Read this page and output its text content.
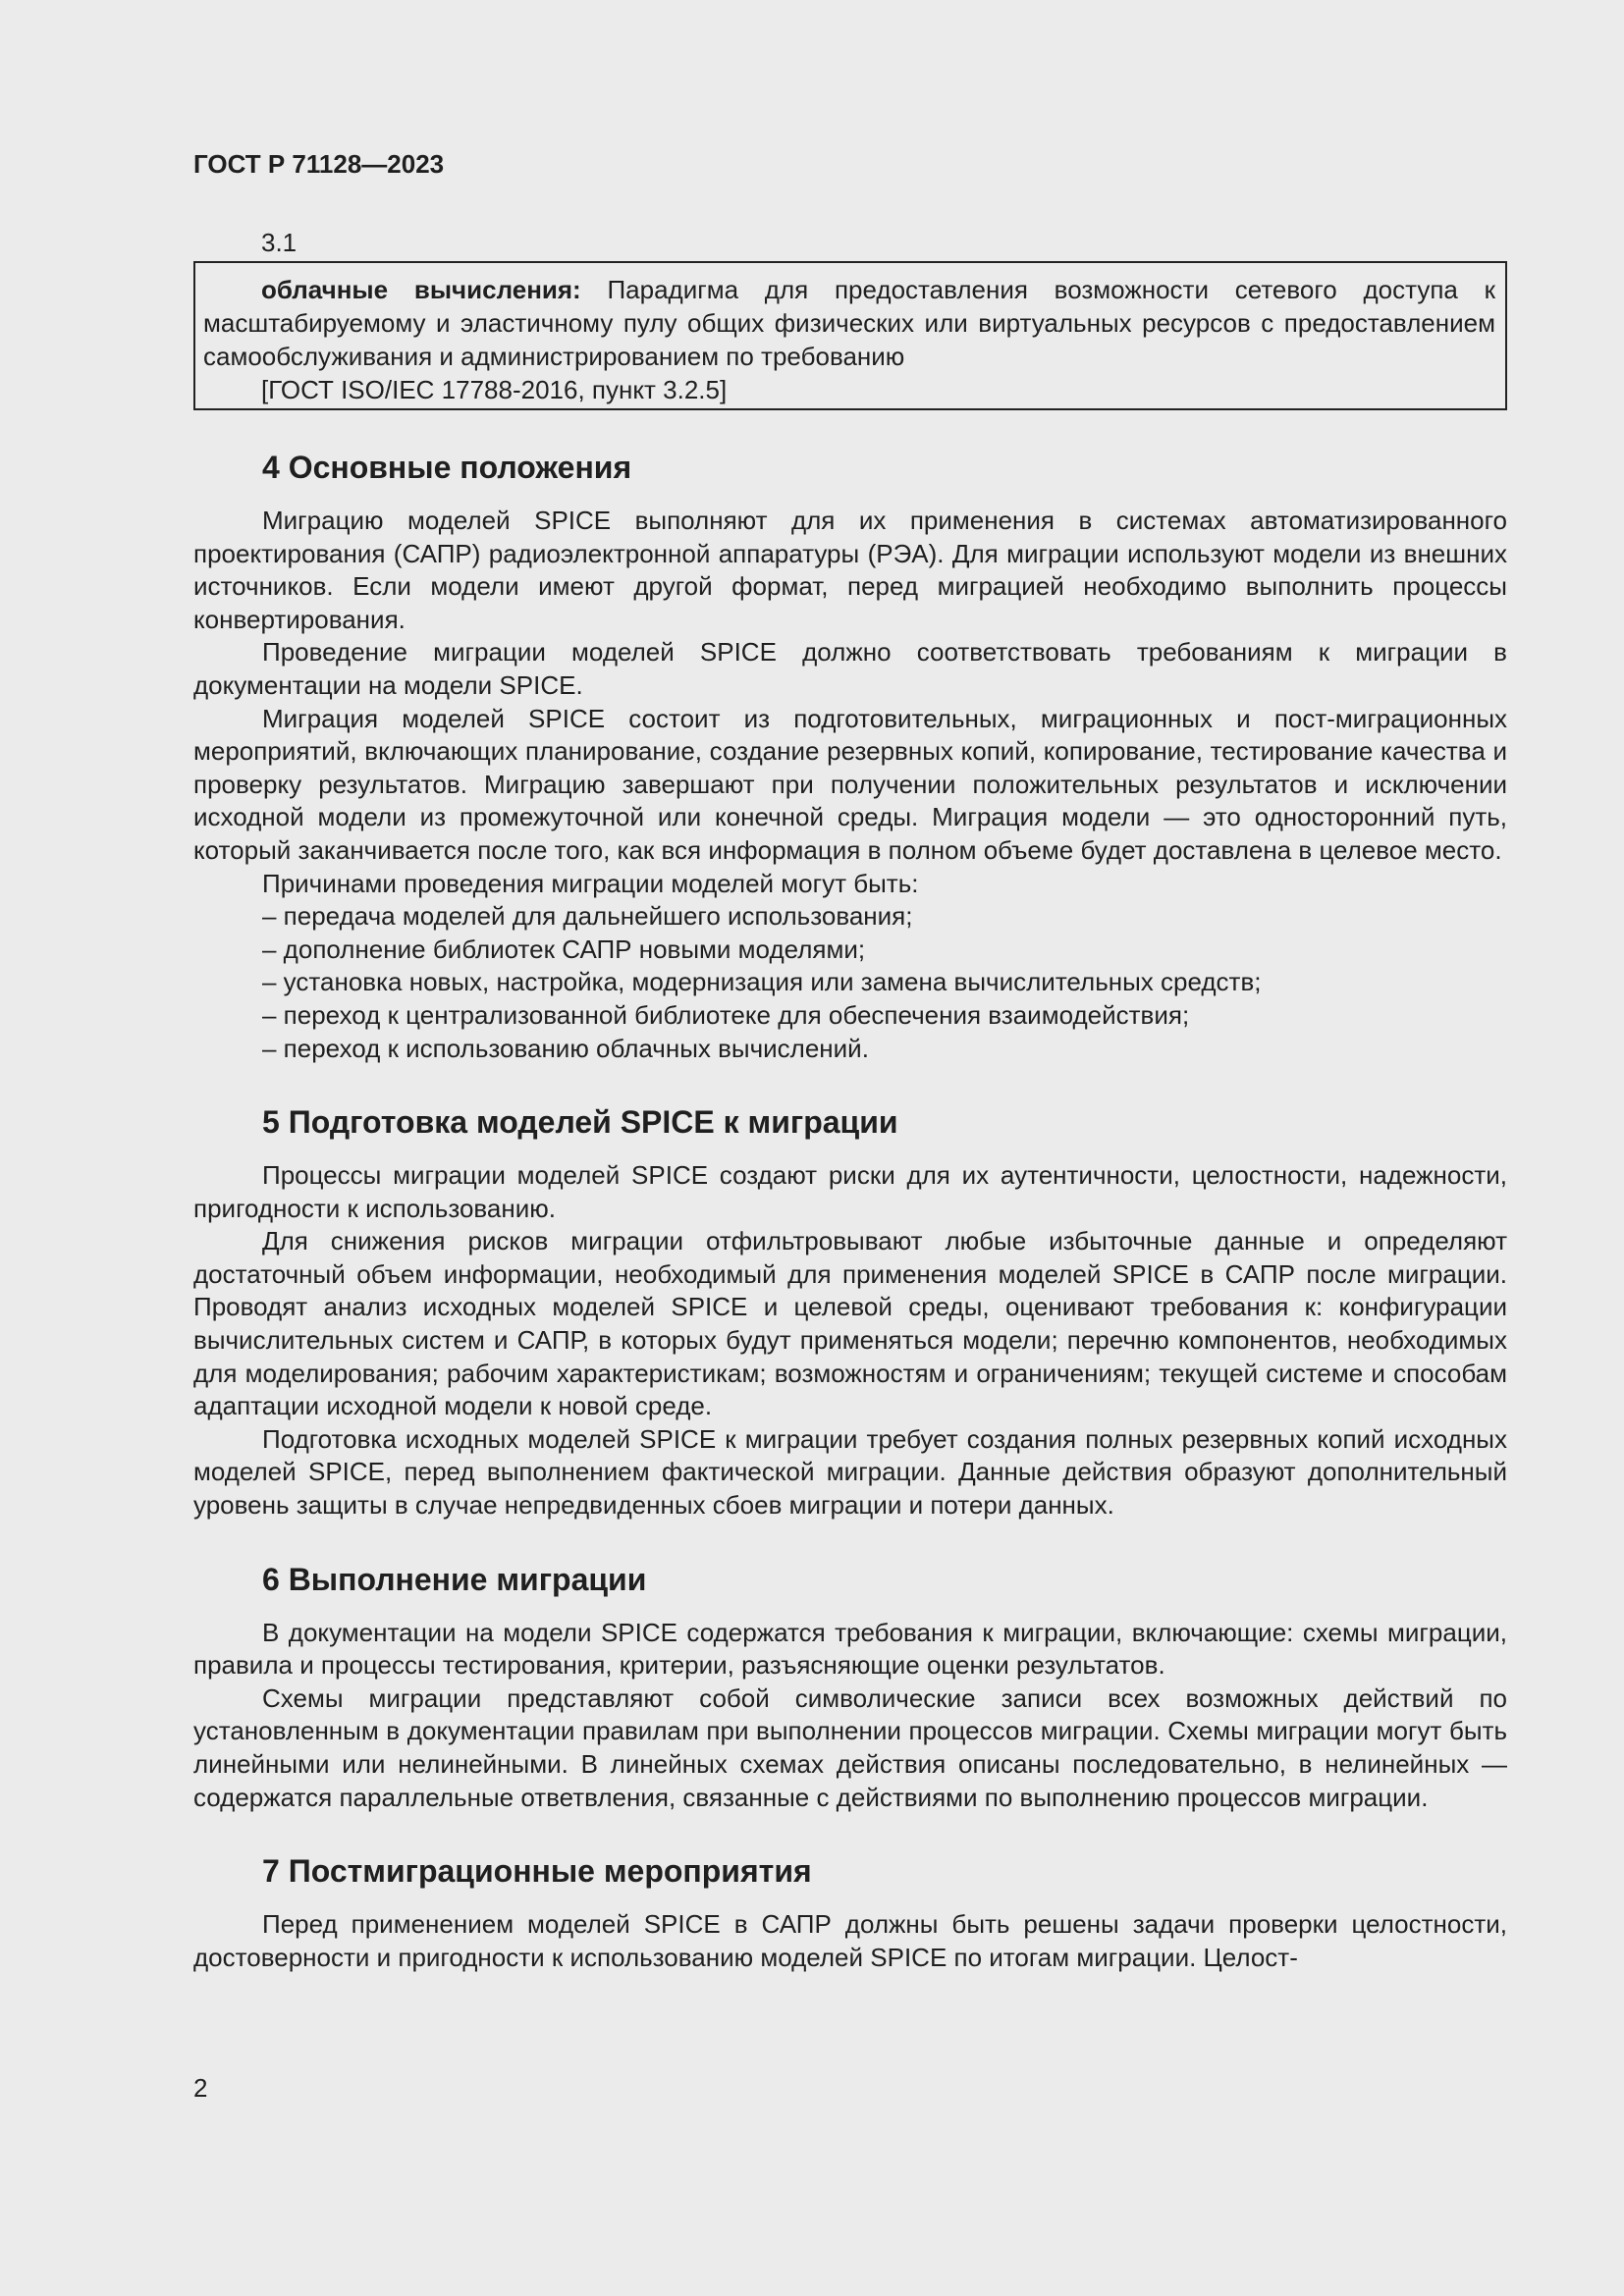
ГОСТ Р 71128—2023
3.1

облачные вычисления: Парадигма для предоставления возможности сетевого доступа к масштабируемому и эластичному пулу общих физических или виртуальных ресурсов с предоставлением самообслуживания и администрированием по требованию

[ГОСТ ISO/IEC 17788-2016, пункт 3.2.5]

4 Основные положения

Миграцию моделей SPICE выполняют для их применения в системах автоматизированного проектирования (САПР) радиоэлектронной аппаратуры (РЭА). Для миграции используют модели из внешних источников. Если модели имеют другой формат, перед миграцией необходимо выполнить процессы конвертирования.

Проведение миграции моделей SPICE должно соответствовать требованиям к миграции в документации на модели SPICE.

Миграция моделей SPICE состоит из подготовительных, миграционных и пост-миграционных мероприятий, включающих планирование, создание резервных копий, копирование, тестирование качества и проверку результатов. Миграцию завершают при получении положительных результатов и исключении исходной модели из промежуточной или конечной среды. Миграция модели — это односторонний путь, который заканчивается после того, как вся информация в полном объеме будет доставлена в целевое место.

Причинами проведения миграции моделей могут быть:

– передача моделей для дальнейшего использования;
– дополнение библиотек САПР новыми моделями;
– установка новых, настройка, модернизация или замена вычислительных средств;
– переход к централизованной библиотеке для обеспечения взаимодействия;
– переход к использованию облачных вычислений.
5 Подготовка моделей SPICE к миграции

Процессы миграции моделей SPICE создают риски для их аутентичности, целостности, надежности, пригодности к использованию.

Для снижения рисков миграции отфильтровывают любые избыточные данные и определяют достаточный объем информации, необходимый для применения моделей SPICE в САПР после миграции. Проводят анализ исходных моделей SPICE и целевой среды, оценивают требования к: конфигурации вычислительных систем и САПР, в которых будут применяться модели; перечню компонентов, необходимых для моделирования; рабочим характеристикам; возможностям и ограничениям; текущей системе и способам адаптации исходной модели к новой среде.

Подготовка исходных моделей SPICE к миграции требует создания полных резервных копий исходных моделей SPICE, перед выполнением фактической миграции. Данные действия образуют дополнительный уровень защиты в случае непредвиденных сбоев миграции и потери данных.

6 Выполнение миграции

В документации на модели SPICE содержатся требования к миграции, включающие: схемы миграции, правила и процессы тестирования, критерии, разъясняющие оценки результатов.

Схемы миграции представляют собой символические записи всех возможных действий по установленным в документации правилам при выполнении процессов миграции. Схемы миграции могут быть линейными или нелинейными. В линейных схемах действия описаны последовательно, в нелинейных — содержатся параллельные ответвления, связанные с действиями по выполнению процессов миграции.

7 Постмиграционные мероприятия

Перед применением моделей SPICE в САПР должны быть решены задачи проверки целостности, достоверности и пригодности к использованию моделей SPICE по итогам миграции. Целост-

2
